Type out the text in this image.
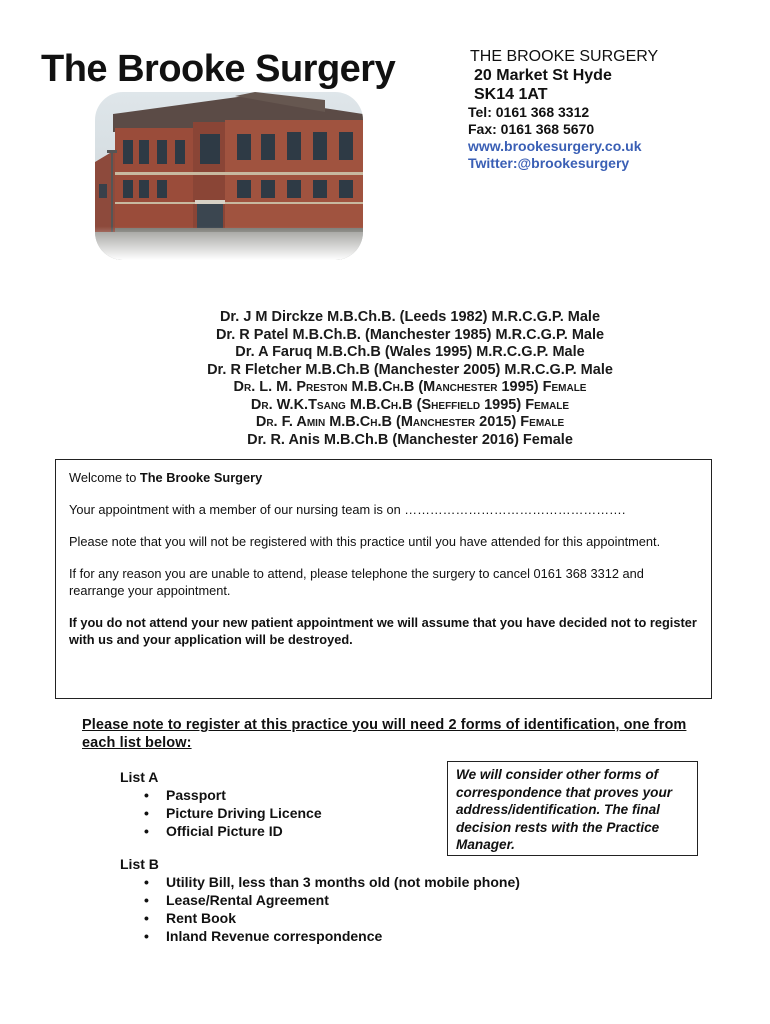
The Brooke Surgery	THE BROOKE SURGERY
20 Market St Hyde
SK14 1AT
Tel: 0161 368 3312
Fax: 0161 368 5670
www.brookesurgery.co.uk
Twitter:@brookesurgery
Dr. J M Dirckze M.B.Ch.B. (Leeds 1982) M.R.C.G.P. Male
Dr. R Patel M.B.Ch.B. (Manchester 1985) M.R.C.G.P. Male
Dr. A Faruq M.B.Ch.B (Wales 1995) M.R.C.G.P. Male
Dr. R Fletcher M.B.Ch.B (Manchester 2005) M.R.C.G.P. Male
Dr. L. M. Preston M.B.Ch.B (Manchester 1995) Female
Dr. W.K.Tsang M.B.Ch.B (Sheffield 1995) Female
Dr. F. Amin M.B.Ch.B (Manchester 2015) Female
Dr. R. Anis M.B.Ch.B (Manchester 2016) Female

Welcome to The Brooke Surgery

Your appointment with a member of our nursing team is on …………………………………………….

Please note that you will not be registered with this practice until you have attended for this appointment.

If for any reason you are unable to attend, please telephone the surgery to cancel 0161 368 3312 and rearrange your appointment.

If you do not attend your new patient appointment we will assume that you have decided not to register with us and your application will be destroyed.

Please note to register at this practice you will need 2 forms of identification, one from each list below:
List A
• Passport
• Picture Driving Licence
• Official Picture ID
We will consider other forms of correspondence that proves your address/identification. The final decision rests with the Practice Manager.
List B
• Utility Bill, less than 3 months old (not mobile phone)
• Lease/Rental Agreement
• Rent Book
• Inland Revenue correspondence
